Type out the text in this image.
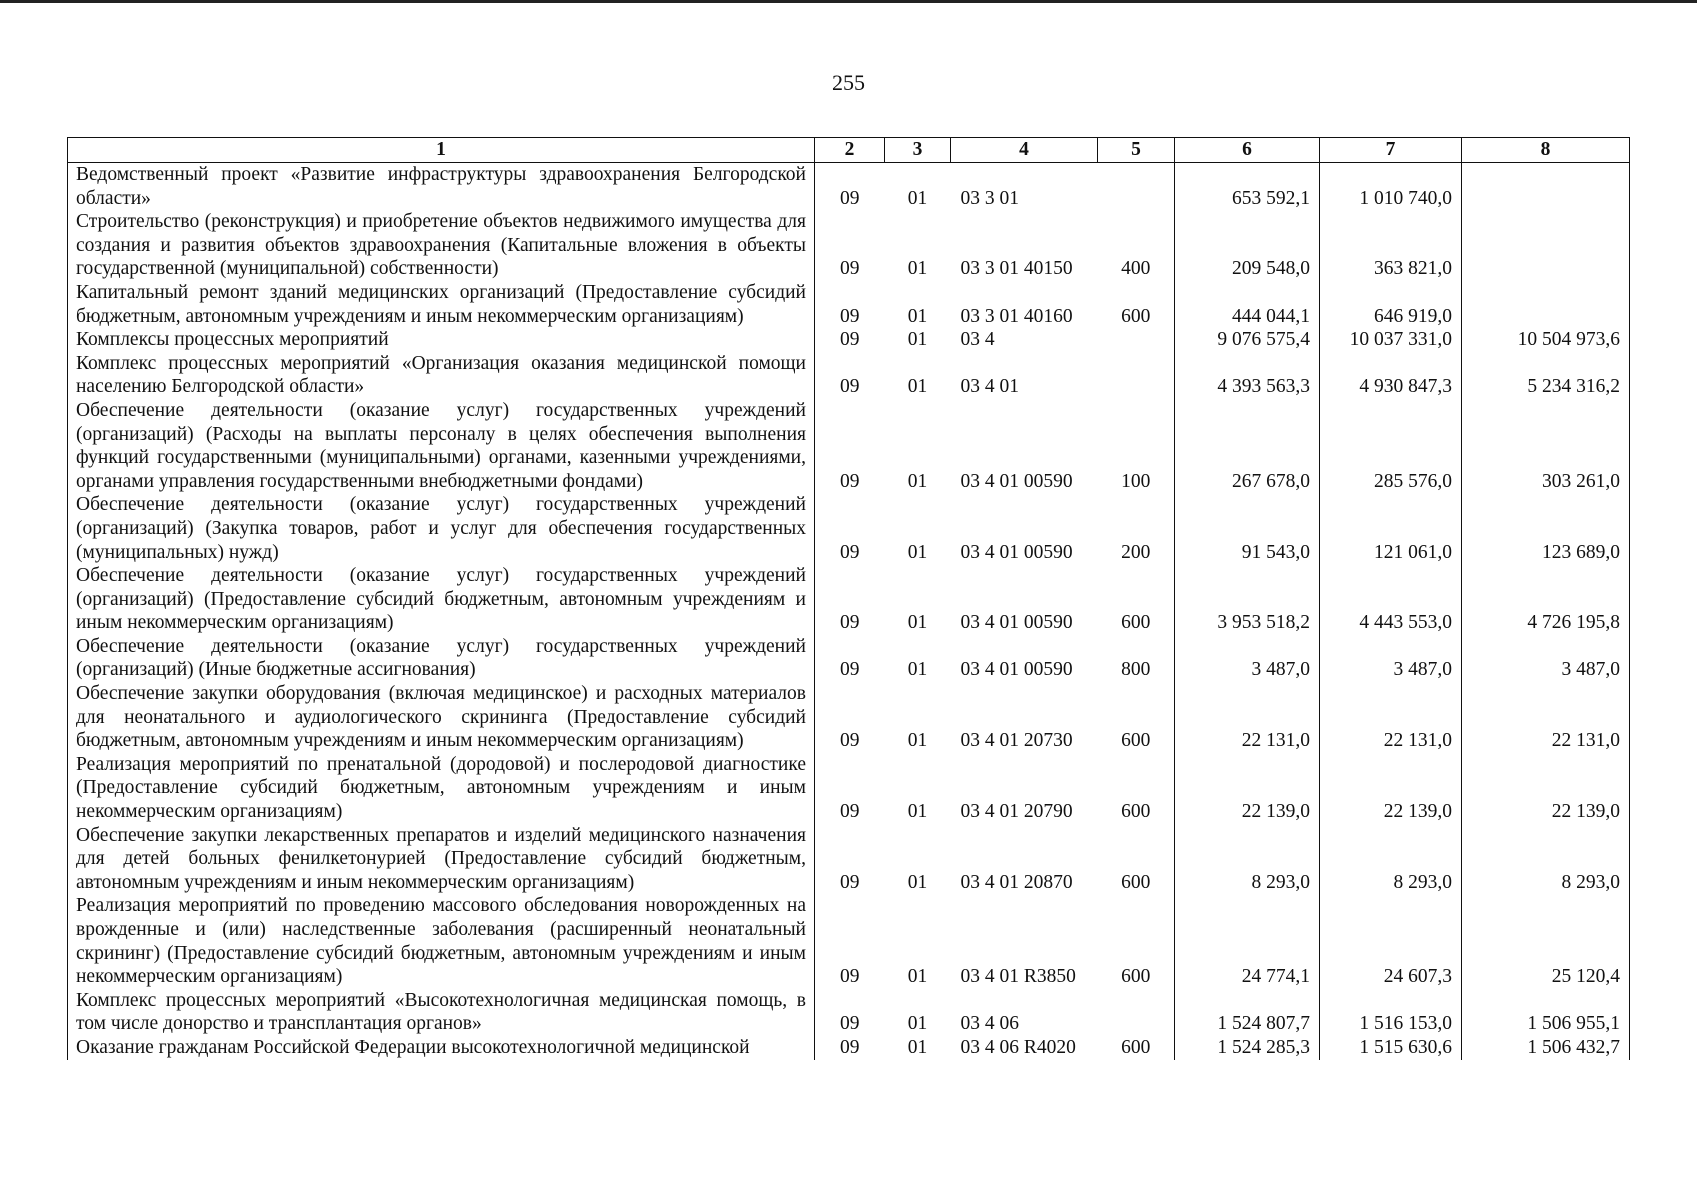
255
1	2	3	4	5	6	7	8
Ведомственный проект «Развитие инфраструктуры здравоохранения Белгородской области»	09	01	03 3 01		653 592,1	1 010 740,0	
Строительство (реконструкция) и приобретение объектов недвижимого имущества для создания и развития объектов здравоохранения (Капитальные вложения в объекты государственной (муниципальной) собственности)	09	01	03 3 01 40150	400	209 548,0	363 821,0	
Капитальный ремонт зданий медицинских организаций (Предоставление субсидий бюджетным, автономным учреждениям и иным некоммерческим организациям)	09	01	03 3 01 40160	600	444 044,1	646 919,0	
Комплексы процессных мероприятий	09	01	03 4		9 076 575,4	10 037 331,0	10 504 973,6
Комплекс процессных мероприятий «Организация оказания медицинской помощи населению Белгородской области»	09	01	03 4 01		4 393 563,3	4 930 847,3	5 234 316,2
Обеспечение деятельности (оказание услуг) государственных учреждений (организаций) (Расходы на выплаты персоналу в целях обеспечения выполнения функций государственными (муниципальными) органами, казенными учреждениями, органами управления государственными внебюджетными фондами)	09	01	03 4 01 00590	100	267 678,0	285 576,0	303 261,0
Обеспечение деятельности (оказание услуг) государственных учреждений (организаций) (Закупка товаров, работ и услуг для обеспечения государственных (муниципальных) нужд)	09	01	03 4 01 00590	200	91 543,0	121 061,0	123 689,0
Обеспечение деятельности (оказание услуг) государственных учреждений (организаций) (Предоставление субсидий бюджетным, автономным учреждениям и иным некоммерческим организациям)	09	01	03 4 01 00590	600	3 953 518,2	4 443 553,0	4 726 195,8
Обеспечение деятельности (оказание услуг) государственных учреждений (организаций) (Иные бюджетные ассигнования)	09	01	03 4 01 00590	800	3 487,0	3 487,0	3 487,0
Обеспечение закупки оборудования (включая медицинское) и расходных материалов для неонатального и аудиологического скрининга (Предоставление субсидий бюджетным, автономным учреждениям и иным некоммерческим организациям)	09	01	03 4 01 20730	600	22 131,0	22 131,0	22 131,0
Реализация мероприятий по пренатальной (дородовой) и послеродовой диагностике (Предоставление субсидий бюджетным, автономным учреждениям и иным некоммерческим организациям)	09	01	03 4 01 20790	600	22 139,0	22 139,0	22 139,0
Обеспечение закупки лекарственных препаратов и изделий медицинского назначения для детей больных фенилкетонурией (Предоставление субсидий бюджетным, автономным учреждениям и иным некоммерческим организациям)	09	01	03 4 01 20870	600	8 293,0	8 293,0	8 293,0
Реализация мероприятий по проведению массового обследования новорожденных на врожденные и (или) наследственные заболевания (расширенный неонатальный скрининг) (Предоставление субсидий бюджетным, автономным учреждениям и иным некоммерческим организациям)	09	01	03 4 01 R3850	600	24 774,1	24 607,3	25 120,4
Комплекс процессных мероприятий «Высокотехнологичная медицинская помощь, в том числе донорство и трансплантация органов»	09	01	03 4 06		1 524 807,7	1 516 153,0	1 506 955,1
Оказание гражданам Российской Федерации высокотехнологичной медицинской	09	01	03 4 06 R4020	600	1 524 285,3	1 515 630,6	1 506 432,7
